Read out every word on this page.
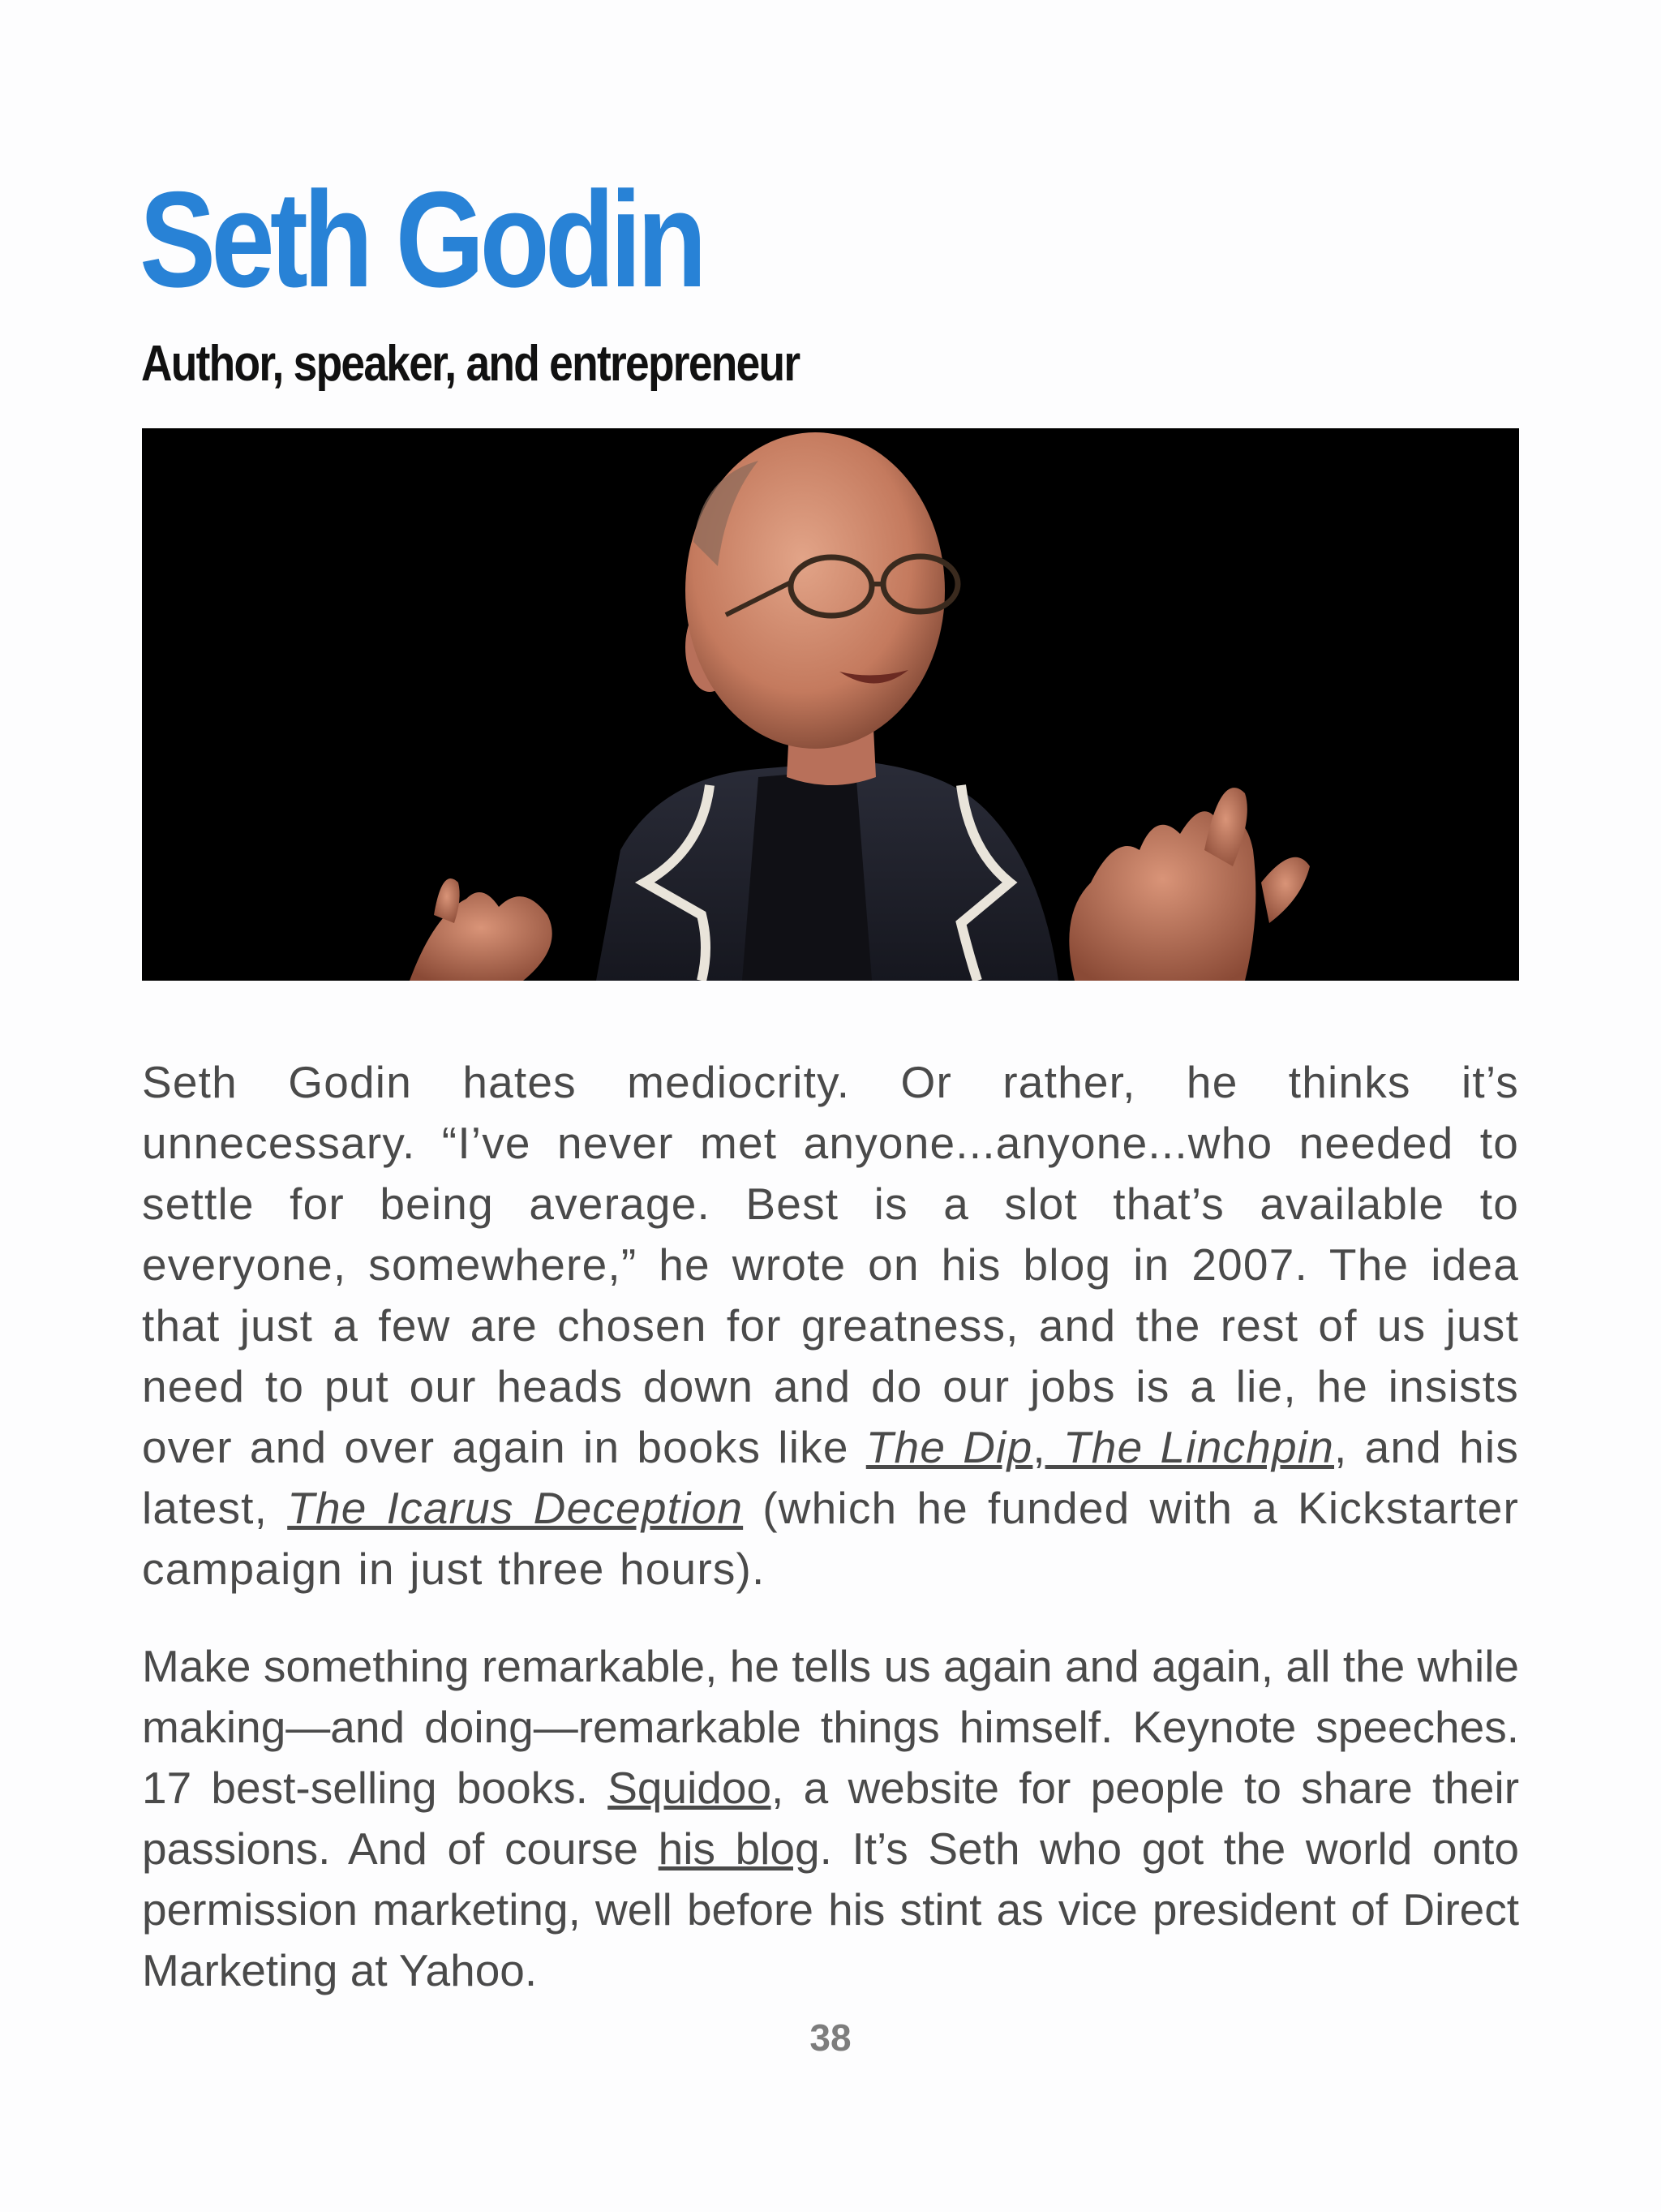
Seth Godin
Author, speaker, and entrepreneur

Seth Godin hates mediocrity. Or rather, he thinks it’s unnecessary. “I’ve never met anyone...anyone...who needed to settle for being average. Best is a slot that’s available to everyone, somewhere,” he wrote on his blog in 2007. The idea that just a few are chosen for greatness, and the rest of us just need to put our heads down and do our jobs is a lie, he insists over and over again in books like The Dip, The Linchpin, and his latest, The Icarus Deception (which he funded with a Kickstarter campaign in just three hours).

Make something remarkable, he tells us again and again, all the while making—and doing—remarkable things himself. Keynote speeches. 17 best-selling books. Squidoo, a website for people to share their passions. And of course his blog. It’s Seth who got the world onto permission marketing, well before his stint as vice president of Direct Marketing at Yahoo.

38
